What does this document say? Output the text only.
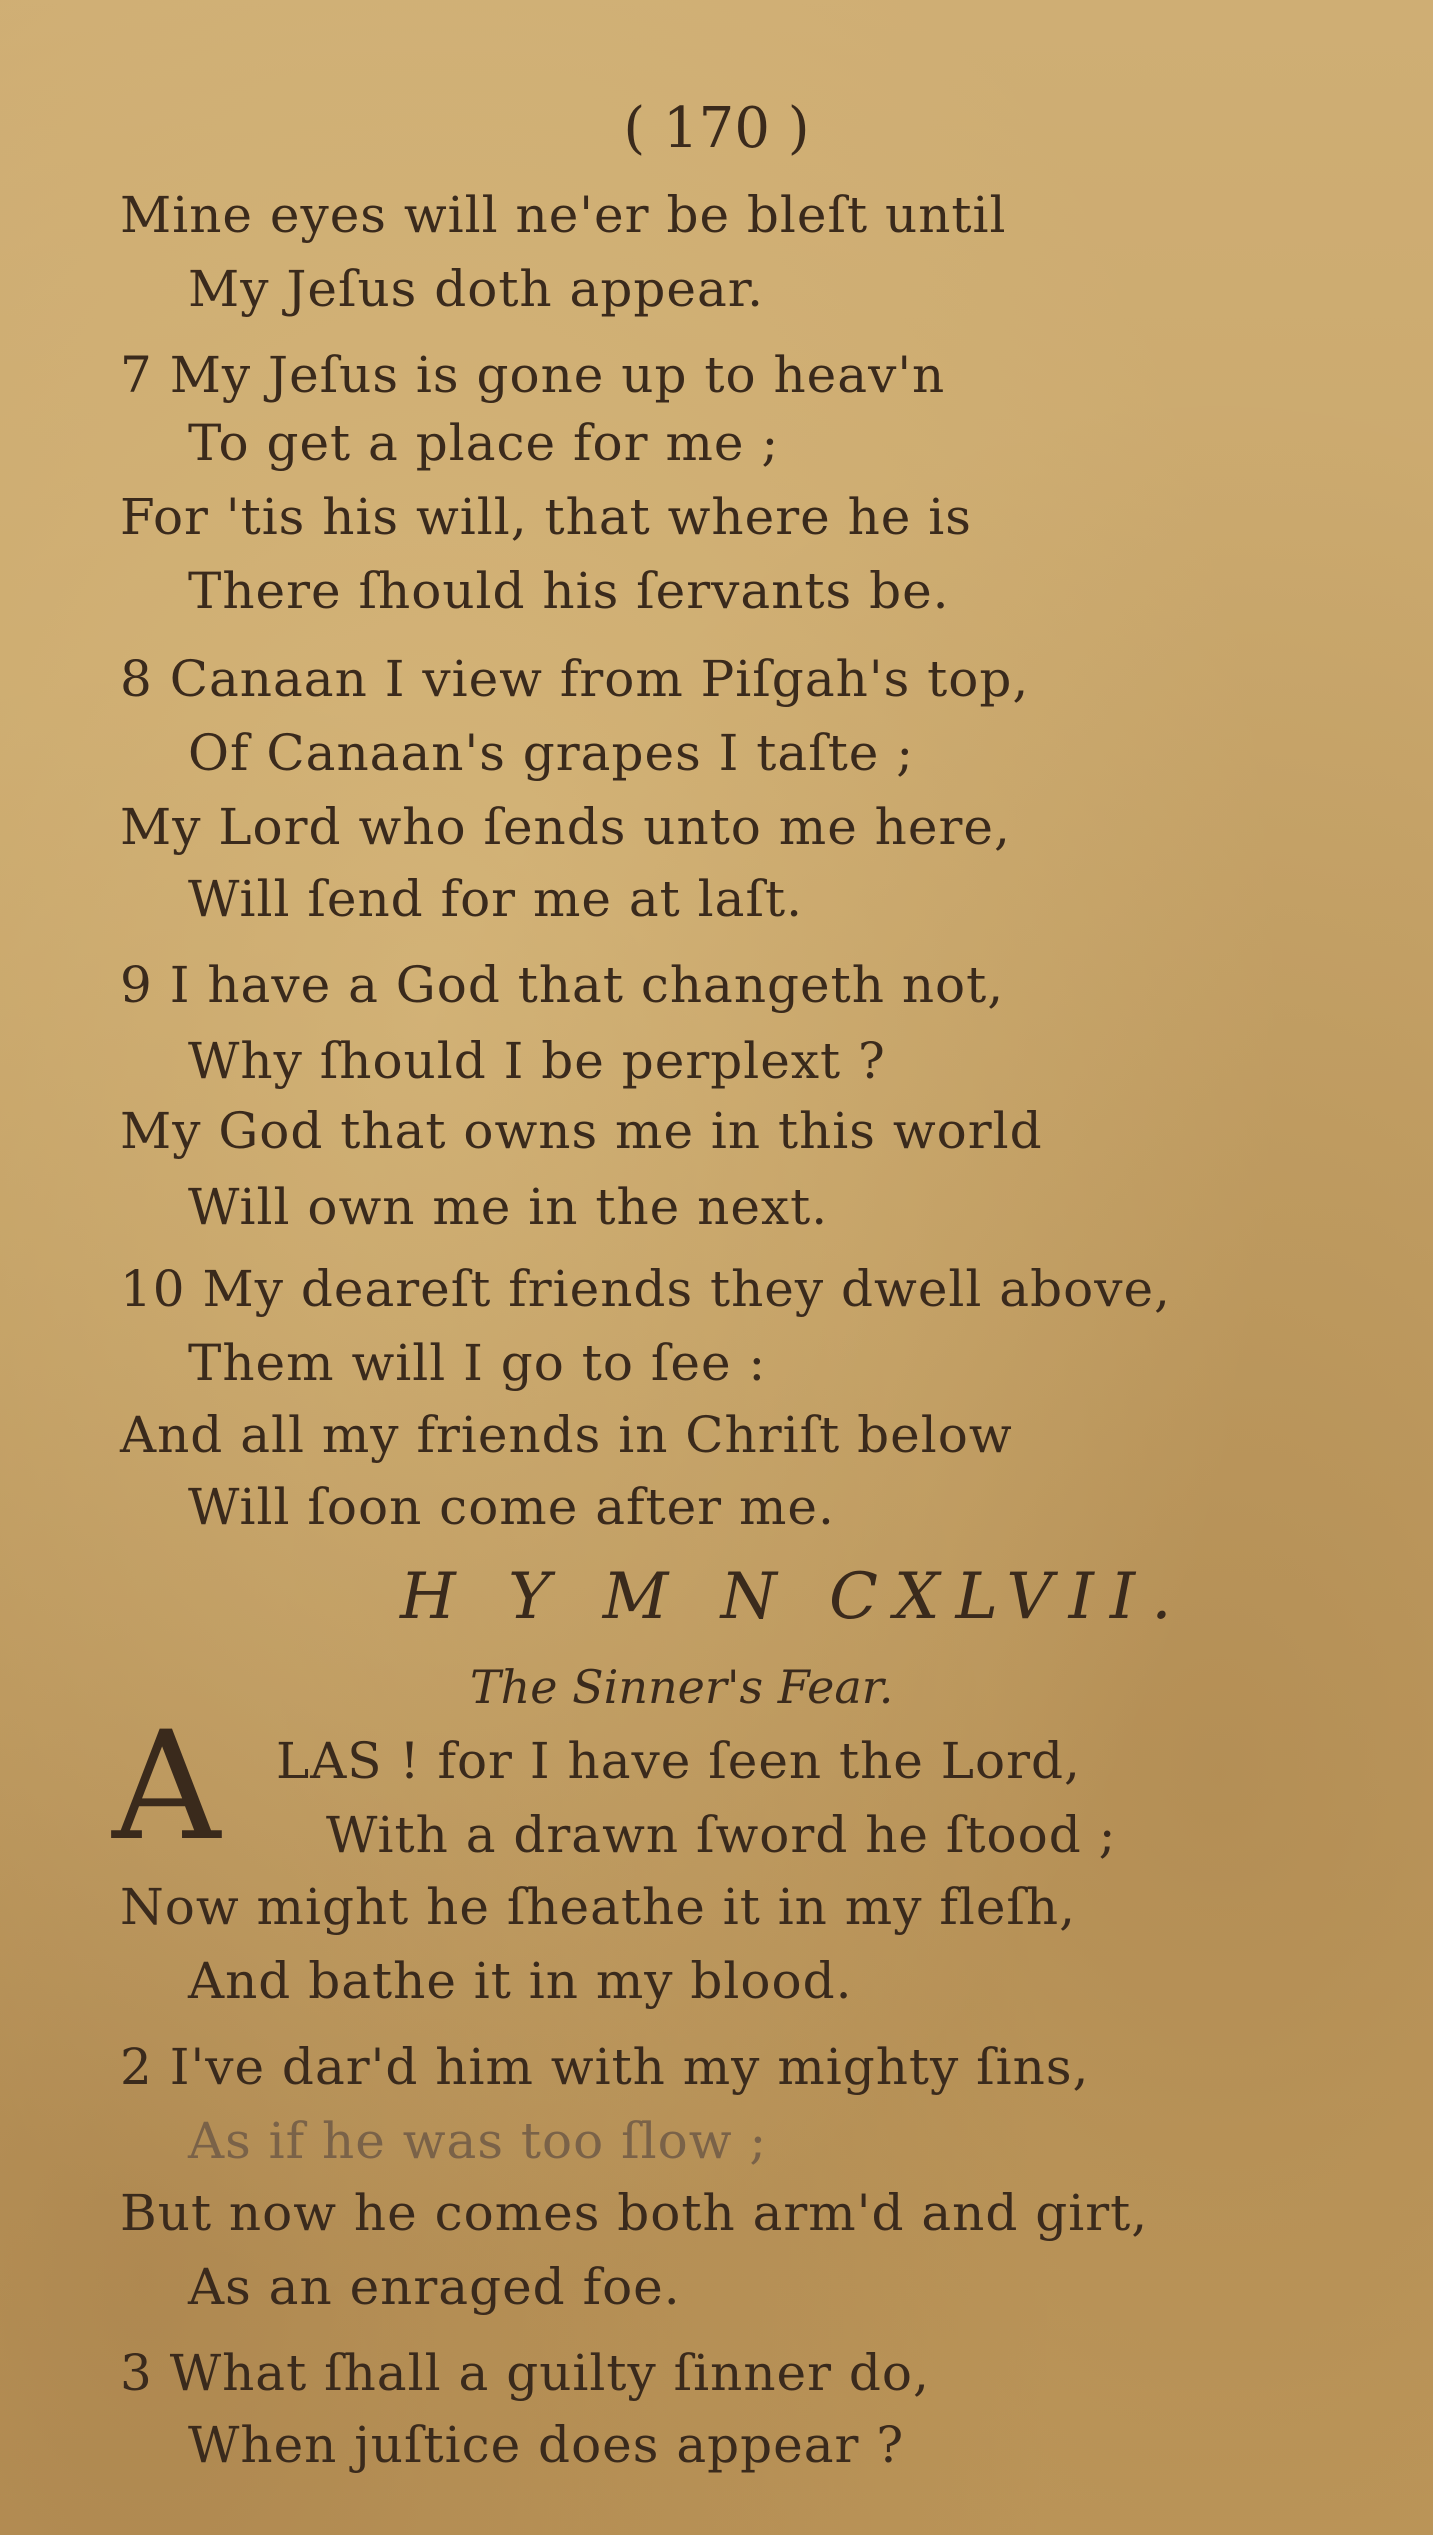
( 170 )
Mine eyes will ne'er be bleſt until
My Jeſus doth appear.
7 My Jeſus is gone up to heav'n
To get a place for me ;
For 'tis his will, that where he is
There ſhould his ſervants be.
8 Canaan I view from Piſgah's top,
Of Canaan's grapes I taſte ;
My Lord who ſends unto me here,
Will ſend for me at laſt.
9 I have a God that changeth not,
Why ſhould I be perplext ?
My God that owns me in this world
Will own me in the next.
10 My deareſt friends they dwell above,
Them will I go to ſee :
And all my friends in Chriſt below
Will ſoon come after me.
H Y M N CXLVII.
The Sinner's Fear.
A LAS ! for I have ſeen the Lord,
With a drawn ſword he ſtood ;
Now might he ſheathe it in my fleſh,
And bathe it in my blood.
2 I've dar'd him with my mighty ſins,
As if he was too ſlow ;
But now he comes both arm'd and girt,
As an enraged foe.
3 What ſhall a guilty ſinner do,
When juſtice does appear ?
